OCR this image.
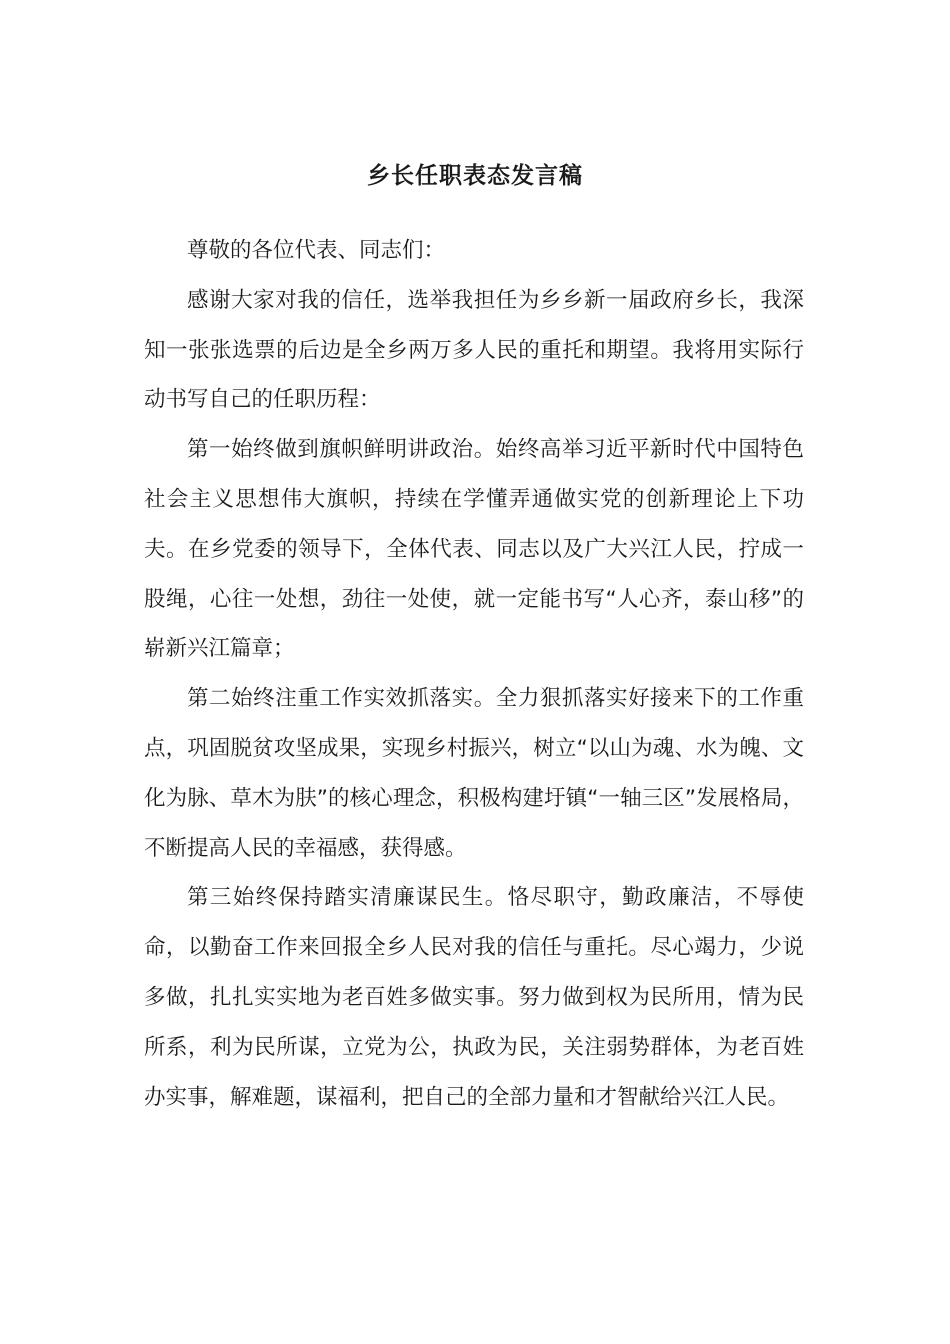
乡长任职表态发言稿

尊敬的各位代表、同志们：

感谢大家对我的信任，选举我担任为乡乡新一届政府乡长，我深知一张张选票的后边是全乡两万多人民的重托和期望。我将用实际行动书写自己的任职历程：

第一始终做到旗帜鲜明讲政治。始终高举习近平新时代中国特色社会主义思想伟大旗帜，持续在学懂弄通做实党的创新理论上下功夫。在乡党委的领导下，全体代表、同志以及广大兴江人民，拧成一股绳，心往一处想，劲往一处使，就一定能书写“人心齐，泰山移”的崭新兴江篇章；

第二始终注重工作实效抓落实。全力狠抓落实好接来下的工作重点，巩固脱贫攻坚成果，实现乡村振兴，树立“以山为魂、水为魄、文化为脉、草木为肤”的核心理念，积极构建圩镇“一轴三区”发展格局，不断提高人民的幸福感，获得感。

第三始终保持踏实清廉谋民生。恪尽职守，勤政廉洁，不辱使命，以勤奋工作来回报全乡人民对我的信任与重托。尽心竭力，少说多做，扎扎实实地为老百姓多做实事。努力做到权为民所用，情为民所系，利为民所谋，立党为公，执政为民，关注弱势群体，为老百姓办实事，解难题，谋福利，把自己的全部力量和才智献给兴江人民。
